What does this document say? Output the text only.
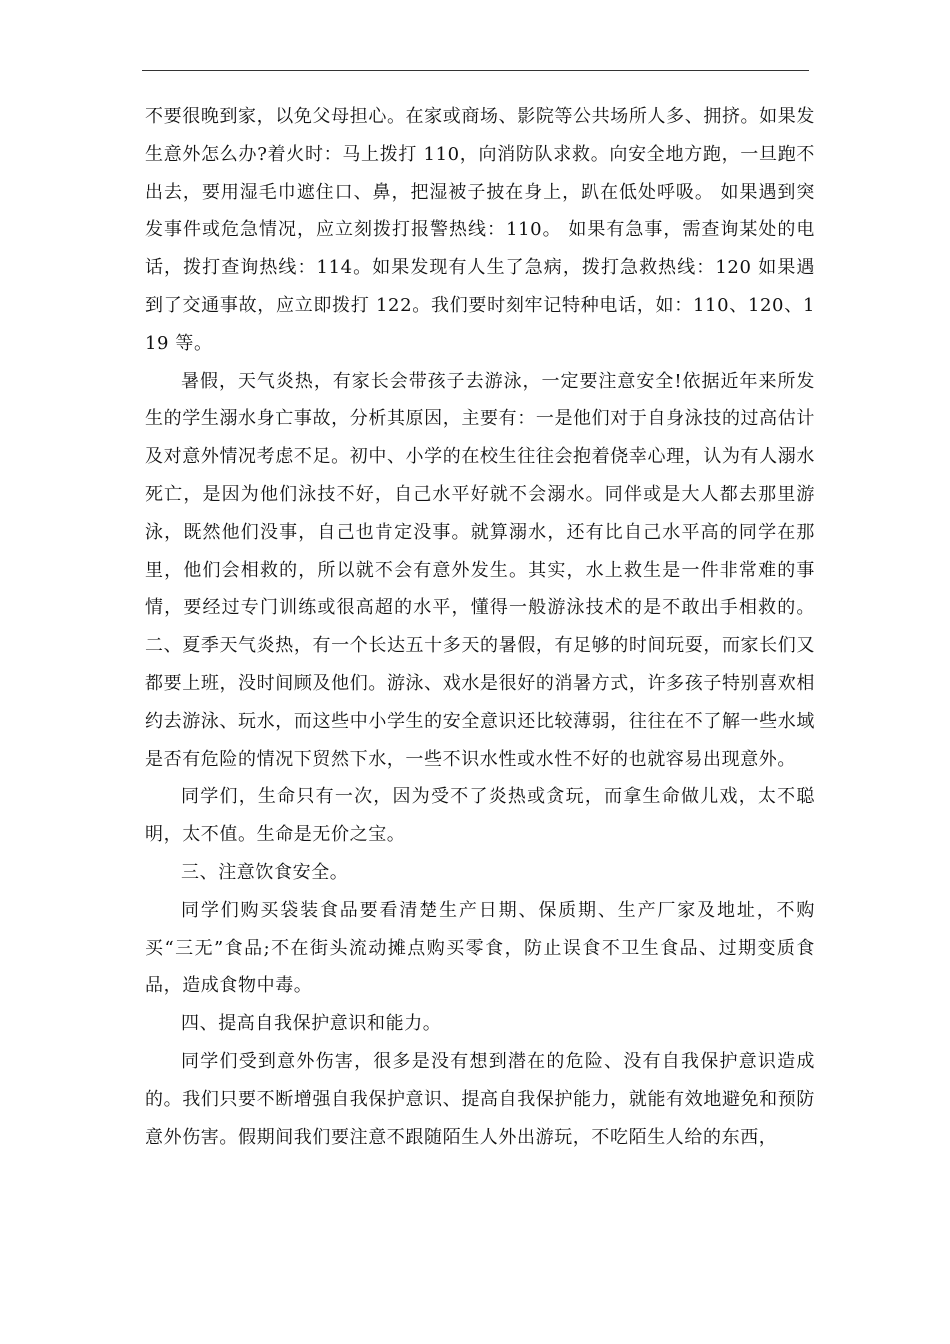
不要很晚到家，以免父母担心。在家或商场、影院等公共场所人多、拥挤。如果发生意外怎么办?着火时：马上拨打 110，向消防队求救。向安全地方跑，一旦跑不出去，要用湿毛巾遮住口、鼻，把湿被子披在身上，趴在低处呼吸。 如果遇到突发事件或危急情况，应立刻拨打报警热线：110。 如果有急事，需查询某处的电话，拨打查询热线：114。如果发现有人生了急病，拨打急救热线：120 如果遇到了交通事故，应立即拨打 122。我们要时刻牢记特种电话，如：110、120、119 等。

暑假，天气炎热，有家长会带孩子去游泳，一定要注意安全!依据近年来所发生的学生溺水身亡事故，分析其原因，主要有：一是他们对于自身泳技的过高估计及对意外情况考虑不足。初中、小学的在校生往往会抱着侥幸心理，认为有人溺水死亡，是因为他们泳技不好，自己水平好就不会溺水。同伴或是大人都去那里游泳，既然他们没事，自己也肯定没事。就算溺水，还有比自己水平高的同学在那里，他们会相救的，所以就不会有意外发生。其实，水上救生是一件非常难的事情，要经过专门训练或很高超的水平，懂得一般游泳技术的是不敢出手相救的。二、夏季天气炎热，有一个长达五十多天的暑假，有足够的时间玩耍，而家长们又都要上班，没时间顾及他们。游泳、戏水是很好的消暑方式，许多孩子特别喜欢相约去游泳、玩水，而这些中小学生的安全意识还比较薄弱，往往在不了解一些水域是否有危险的情况下贸然下水，一些不识水性或水性不好的也就容易出现意外。

同学们，生命只有一次，因为受不了炎热或贪玩，而拿生命做儿戏，太不聪明，太不值。生命是无价之宝。

三、注意饮食安全。

同学们购买袋装食品要看清楚生产日期、保质期、生产厂家及地址，不购买“三无”食品;不在街头流动摊点购买零食，防止误食不卫生食品、过期变质食品，造成食物中毒。

四、提高自我保护意识和能力。

同学们受到意外伤害，很多是没有想到潜在的危险、没有自我保护意识造成的。我们只要不断增强自我保护意识、提高自我保护能力，就能有效地避免和预防意外伤害。假期间我们要注意不跟随陌生人外出游玩，不吃陌生人给的东西，
